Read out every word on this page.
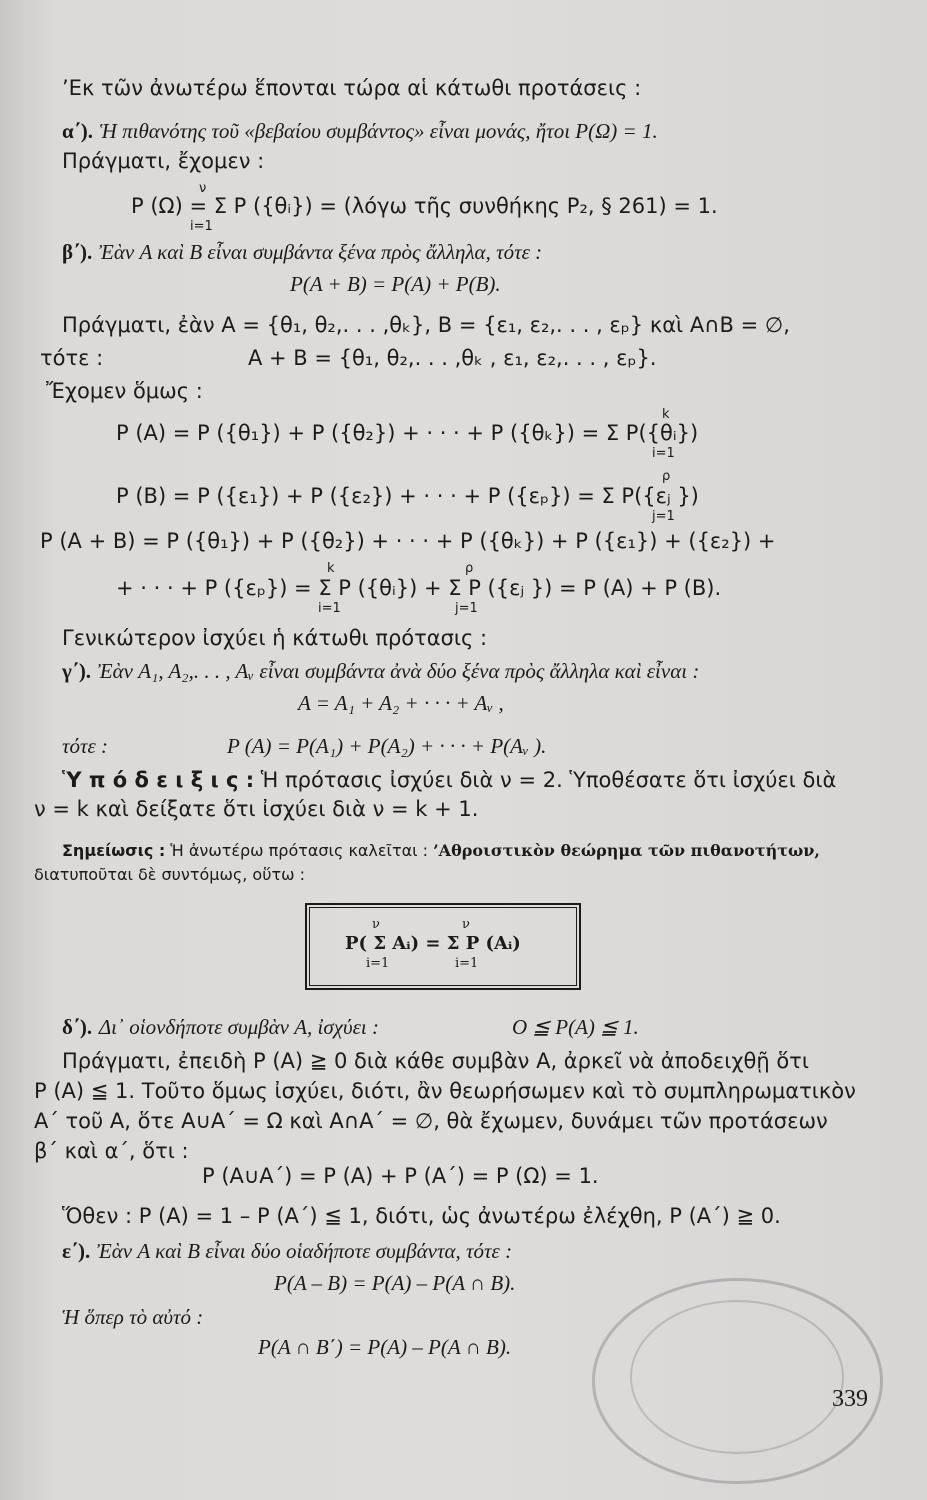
’Εκ τῶν ἀνωτέρω ἕπονται τώρα αἱ κάτωθι προτάσεις :
α΄). Ἡ πιθανότης τοῦ «βεβαίου συμβάντος» εἶναι μονάς, ἤτοι P(Ω) = 1.
Πράγματι, ἔχομεν :
ν
P (Ω) = Σ P ({θᵢ}) = (λόγω τῆς συνθήκης P₂, § 261) = 1.
i=1
β΄). Ἐὰν A καὶ B εἶναι συμβάντα ξένα πρὸς ἄλληλα, τότε :
P(A + B) = P(A) + P(B).
Πράγματι, ἐὰν A = {θ₁, θ₂,. . . ,θₖ}, B = {ε₁, ε₂,. . . , εₚ} καὶ A∩B = ∅,
τότε :	A + B = {θ₁, θ₂,. . . ,θₖ , ε₁, ε₂,. . . , εₚ}.
Ἔχομεν ὅμως :
k
P (A) = P ({θ₁}) + P ({θ₂}) + · · · + P ({θₖ}) = Σ P({θᵢ})
i=1
ρ
P (B) = P ({ε₁}) + P ({ε₂}) + · · · + P ({εₚ}) = Σ P({εⱼ })
j=1
P (A + B) = P ({θ₁}) + P ({θ₂}) + · · · + P ({θₖ}) + P ({ε₁}) + ({ε₂}) +
k	ρ
+ · · · + P ({εₚ}) = Σ P ({θᵢ}) + Σ P ({εⱼ }) = P (A) + P (B).
i=1	j=1
Γενικώτερον ἰσχύει ἡ κάτωθι πρότασις :
γ΄). Ἐὰν A₁, A₂,. . . , Aᵥ εἶναι συμβάντα ἀνὰ δύο ξένα πρὸς ἄλληλα καὶ εἶναι :
A = A₁ + A₂ + · · · + Aᵥ ,
τότε :	P (A) = P(A₁) + P(A₂) + · · · + P(Aᵥ ).
Ὑ π ό δ ε ι ξ ι ς : Ἡ πρότασις ἰσχύει διὰ ν = 2. Ὑποθέσατε ὅτι ἰσχύει διὰ
ν = k καὶ δείξατε ὅτι ἰσχύει διὰ ν = k + 1.
Σημείωσις : Ἡ ἀνωτέρω πρότασις καλεῖται : ’Αθροιστικὸν θεώρημα τῶν πιθανοτήτων,
διατυποῦται δὲ συντόμως, οὕτω :
ν	ν
P( Σ Aᵢ) = Σ P (Aᵢ)
i=1	i=1
δ΄). Δι᾿ οἱονδήποτε συμβὰν A, ἰσχύει :	O ≦ P(A) ≦ 1.
Πράγματι, ἐπειδὴ P (A) ≧ 0 διὰ κάθε συμβὰν A, ἀρκεῖ νὰ ἀποδειχθῇ ὅτι
P (A) ≦ 1. Τοῦτο ὅμως ἰσχύει, διότι, ἂν θεωρήσωμεν καὶ τὸ συμπληρωματικὸν
A΄ τοῦ A, ὅτε A∪A΄ = Ω καὶ A∩A΄ = ∅, θὰ ἔχωμεν, δυνάμει τῶν προτάσεων
β΄ καὶ α΄, ὅτι :
P (A∪A΄) = P (A) + P (A΄) = P (Ω) = 1.
Ὅθεν : P (A) = 1 – P (A΄) ≦ 1, διότι, ὡς ἀνωτέρω ἐλέχθη, P (A΄) ≧ 0.
ε΄). Ἐὰν A καὶ B εἶναι δύο οἱαδήποτε συμβάντα, τότε :
P(A – B) = P(A) – P(A ∩ B).
Ἡ ὅπερ τὸ αὐτό :
P(A ∩ B΄) = P(A) – P(A ∩ B).
339
